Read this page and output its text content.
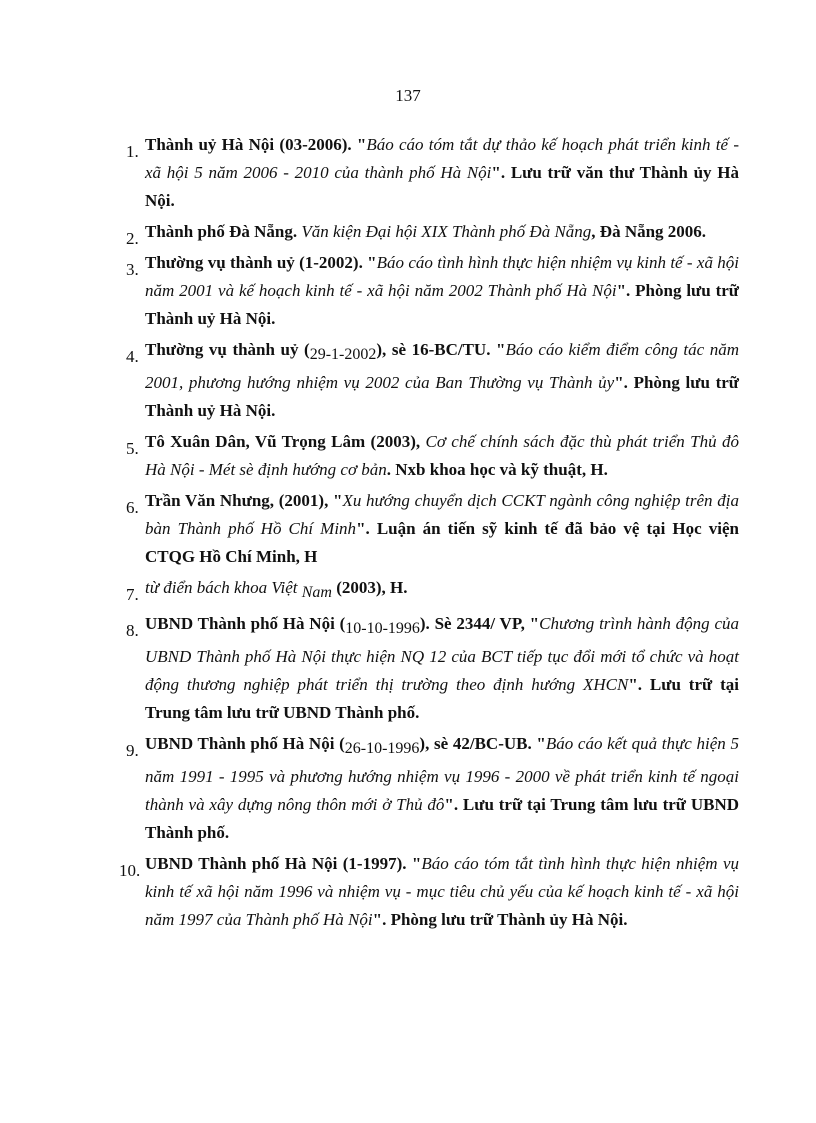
137
1. Thành uỷ Hà Nội (03-2006). "Báo cáo tóm tắt dự thảo kế hoạch phát triển kinh tế - xã hội 5 năm 2006 - 2010 của thành phố Hà Nội". Lưu trữ văn thư Thành ủy Hà Nội.
2. Thành phố Đà Nẵng. Văn kiện Đại hội XIX Thành phố Đà Nẵng, Đà Nẵng 2006.
3. Thường vụ thành uỷ (1-2002). "Báo cáo tình hình thực hiện nhiệm vụ kinh tế - xã hội năm 2001 và kế hoạch kinh tế - xã hội năm 2002 Thành phố Hà Nội". Phòng lưu trữ Thành uỷ Hà Nội.
4. Thường vụ thành uỷ (29-1-2002), sè 16-BC/TU. "Báo cáo kiểm điểm công tác năm 2001, phương hướng nhiệm vụ 2002 của Ban Thường vụ Thành ủy". Phòng lưu trữ Thành uỷ Hà Nội.
5. Tô Xuân Dân, Vũ Trọng Lâm (2003), Cơ chế chính sách đặc thù phát triển Thủ đô Hà Nội - Mét sè định hướng cơ bản. Nxb khoa học và kỹ thuật, H.
6. Trần Văn Nhưng, (2001), "Xu hướng chuyển dịch CCKT ngành công nghiệp trên địa bàn Thành phố Hồ Chí Minh". Luận án tiến sỹ kinh tế đã bảo vệ tại Học viện CTQG Hồ Chí Minh, H
7. từ điển bách khoa Việt Nam (2003), H.
8. UBND Thành phố Hà Nội (10-10-1996). Sè 2344/ VP, "Chương trình hành động của UBND Thành phố Hà Nội thực hiện NQ 12 của BCT tiếp tục đổi mới tổ chức và hoạt động thương nghiệp phát triển thị trường theo định hướng XHCN". Lưu trữ tại Trung tâm lưu trữ UBND Thành phố.
9. UBND Thành phố Hà Nội (26-10-1996), sè 42/BC-UB. "Báo cáo kết quả thực hiện 5 năm 1991 - 1995 và phương hướng nhiệm vụ 1996 - 2000 về phát triển kinh tế ngoại thành và xây dựng nông thôn mới ở Thủ đô". Lưu trữ tại Trung tâm lưu trữ UBND Thành phố.
10. UBND Thành phố Hà Nội (1-1997). "Báo cáo tóm tắt tình hình thực hiện nhiệm vụ kinh tế xã hội năm 1996 và nhiệm vụ - mục tiêu chủ yếu của kế hoạch kinh tế - xã hội năm 1997 của Thành phố Hà Nội". Phòng lưu trữ Thành ủy Hà Nội.
